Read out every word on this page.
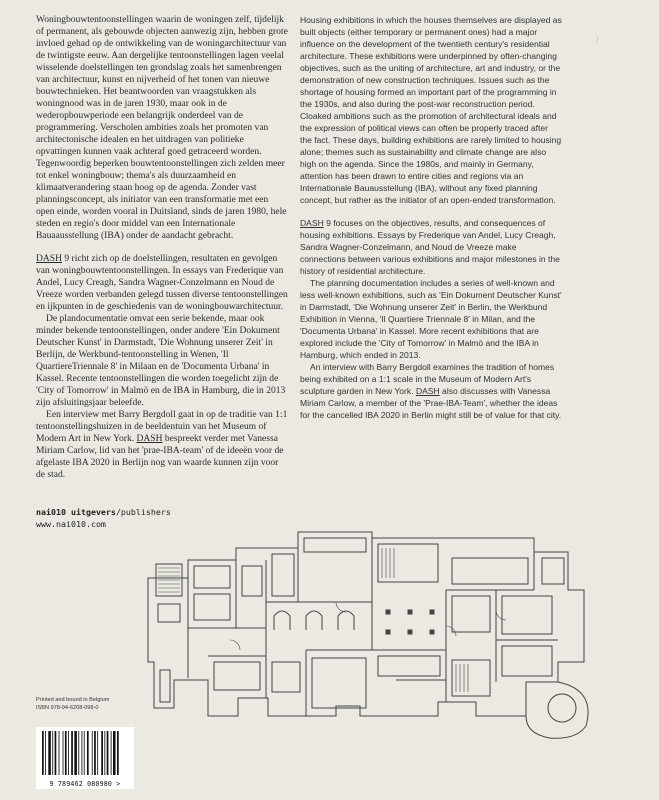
Woningbouwtentoonstellingen waarin de woningen zelf, tijdelijk of permanent, als gebouwde objecten aanwezig zijn, hebben grote invloed gehad op de ontwikkeling van de woningarchitectuur van de twintigste eeuw. Aan dergelijke tentoonstellingen lagen veelal wisselende doelstellingen ten grondslag zoals het samenbrengen van architectuur, kunst en nijverheid of het tonen van nieuwe bouwtechnieken. Het beantwoorden van vraagstukken als woningnood was in de jaren 1930, maar ook in de wederopbouwperiode een belangrijk onderdeel van de programmering. Verscholen ambities zoals het promoten van architectonische idealen en het uitdragen van politieke opvattingen kunnen vaak achteraf goed getraceerd worden. Tegenwoordig beperken bouwtentoonstellingen zich zelden meer tot enkel woningbouw; thema's als duurzaamheid en klimaatverandering staan hoog op de agenda. Zonder vast planningsconcept, als initiator van een transformatie met een open einde, worden vooral in Duitsland, sinds de jaren 1980, hele steden en regio's door middel van een Internationale Bauaausstellung (IBA) onder de aandacht gebracht.

DASH 9 richt zich op de doelstellingen, resultaten en gevolgen van woningbouwtentoonstellingen. In essays van Frederique van Andel, Lucy Creagh, Sandra Wagner-Conzelmann en Noud de Vreeze worden verbanden gelegd tussen diverse tentoonstellingen en ijkpunten in de geschiedenis van de woningbouwarchitectuur.

De plandocumentatie omvat een serie bekende, maar ook minder bekende tentoonstellingen, onder andere 'Ein Dokument Deutscher Kunst' in Darmstadt, 'Die Wohnung unserer Zeit' in Berlijn, de Werkbund-tentoonstelling in Wenen, 'Il QuartiereTriennale 8' in Milaan en de 'Documenta Urbana' in Kassel. Recente tentoonstellingen die worden toegelicht zijn de 'City of Tomorrow' in Malmö en de IBA in Hamburg, die in 2013 zijn afsluitingsjaar beleefde.

Een interview met Barry Bergdoll gaat in op de traditie van 1:1 tentoonstellingshuizen in de beeldentuin van het Museum of Modern Art in New York. DASH bespreekt verder met Vanessa Miriam Carlow, lid van het 'prae-IBA-team' of de ideeën voor de afgelaste IBA 2020 in Berlijn nog van waarde kunnen zijn voor de stad.

Housing exhibitions in which the houses themselves are displayed as built objects (either temporary or permanent ones) had a major influence on the development of the twentieth century's residential architecture. These exhibitions were underpinned by often-changing objectives, such as the uniting of architecture, art and industry, or the demonstration of new construction techniques. Issues such as the shortage of housing formed an important part of the programming in the 1930s, and also during the post-war reconstruction period. Cloaked ambitions such as the promotion of architectural ideals and the expression of political views can often be properly traced after the fact. These days, building exhibitions are rarely limited to housing alone; themes such as sustainability and climate change are also high on the agenda. Since the 1980s, and mainly in Germany, attention has been drawn to entire cities and regions via an Internationale Bauausstellung (IBA), without any fixed planning concept, but rather as the initiator of an open-ended transformation.

DASH 9 focuses on the objectives, results, and consequences of housing exhibitions. Essays by Frederique van Andel, Lucy Creagh, Sandra Wagner-Conzelmann, and Noud de Vreeze make connections between various exhibitions and major milestones in the history of residential architecture.

The planning documentation includes a series of well-known and less well-known exhibitions, such as 'Ein Dokument Deutscher Kunst' in Darmstadt, 'Die Wohnung unserer Zeit' in Berlin, the Werkbund Exhibition in Vienna, 'Il Quartiere Triennale 8' in Milan, and the 'Documenta Urbana' in Kassel. More recent exhibitions that are explored include the 'City of Tomorrow' in Malmö and the IBA in Hamburg, which ended in 2013.

An interview with Barry Bergdoll examines the tradition of homes being exhibited on a 1:1 scale in the Museum of Modern Art's sculpture garden in New York. DASH also discusses with Vanessa Miriam Carlow, a member of the 'Prae-IBA-Team', whether the ideas for the cancelled IBA 2020 in Berlin might still be of value for that city.

/
nai010 uitgevers/publishers
www.nai010.com
Printed and bound in Belgium
ISBN 978-94-6208-098-0
9 789462 080980 >
